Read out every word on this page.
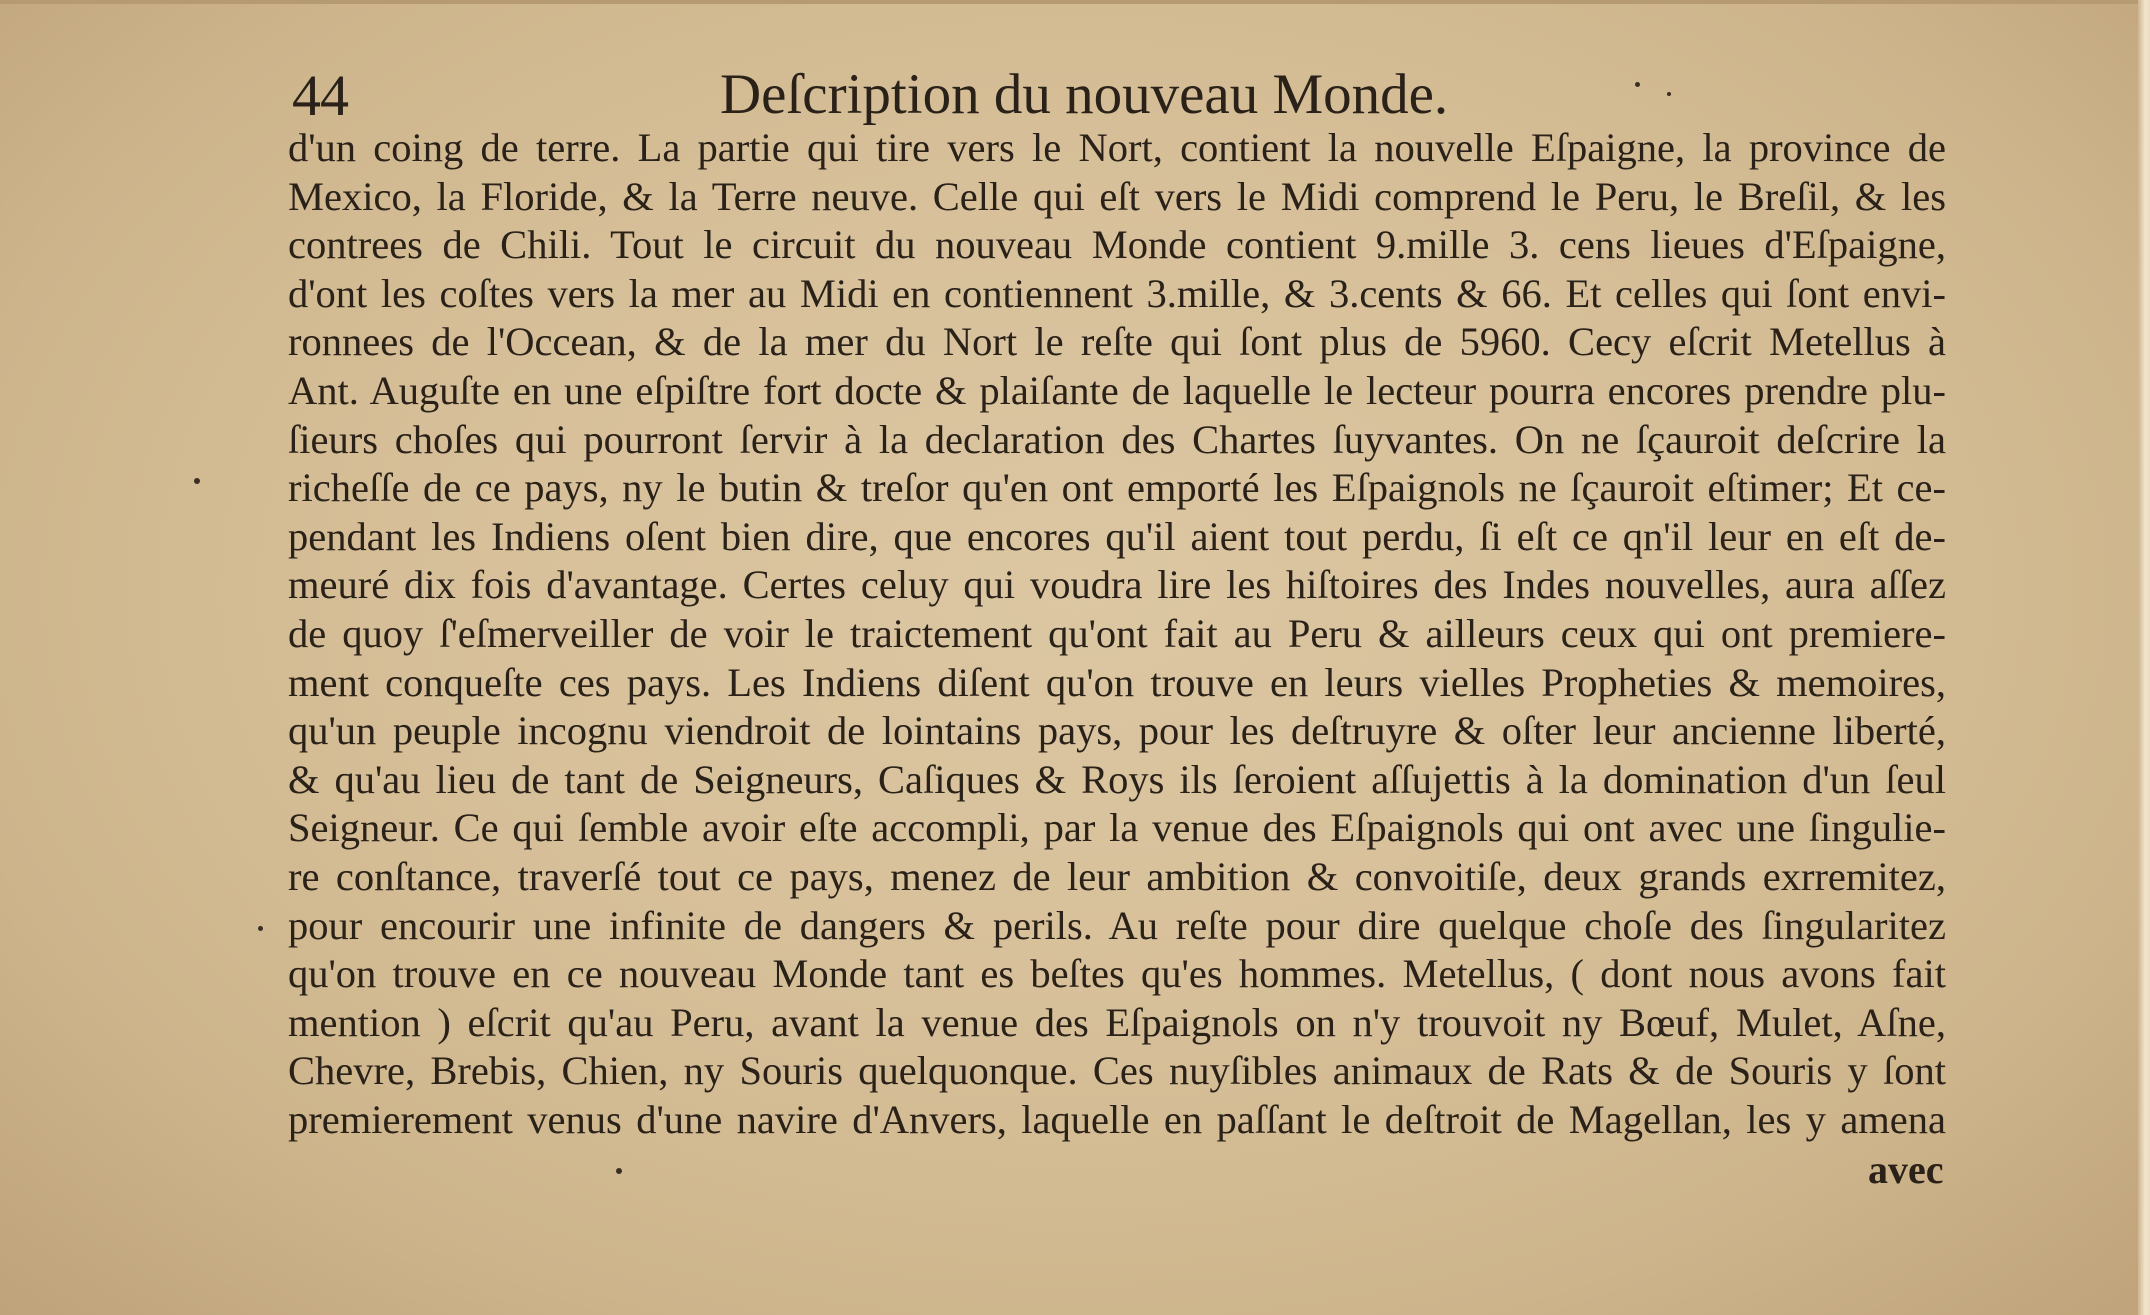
44	Deſcription du nouveau Monde.
d'un coing de terre. La partie qui tire vers le Nort, contient la nouvelle Eſpaigne, la province de
Mexico, la Floride, & la Terre neuve. Celle qui eſt vers le Midi comprend le Peru, le Breſil, & les
contrees de Chili. Tout le circuit du nouveau Monde contient 9.mille 3. cens lieues d'Eſpaigne,
d'ont les coſtes vers la mer au Midi en contiennent 3.mille, & 3.cents & 66. Et celles qui ſont envi-
ronnees de l'Occean, & de la mer du Nort le reſte qui ſont plus de 5960. Cecy eſcrit Metellus à
Ant. Auguſte en une eſpiſtre fort docte & plaiſante de laquelle le lecteur pourra encores prendre plu-
ſieurs choſes qui pourront ſervir à la declaration des Chartes ſuyvantes. On ne ſçauroit deſcrire la
richeſſe de ce pays, ny le butin & treſor qu'en ont emporté les Eſpaignols ne ſçauroit eſtimer; Et ce-
pendant les Indiens oſent bien dire, que encores qu'il aient tout perdu, ſi eſt ce qn'il leur en eſt de-
meuré dix fois d'avantage. Certes celuy qui voudra lire les hiſtoires des Indes nouvelles, aura aſſez
de quoy ſ'eſmerveiller de voir le traictement qu'ont fait au Peru & ailleurs ceux qui ont premiere-
ment conqueſte ces pays. Les Indiens diſent qu'on trouve en leurs vielles Propheties & memoires,
qu'un peuple incognu viendroit de lointains pays, pour les deſtruyre & oſter leur ancienne liberté,
& qu'au lieu de tant de Seigneurs, Caſiques & Roys ils ſeroient aſſujettis à la domination d'un ſeul
Seigneur. Ce qui ſemble avoir eſte accompli, par la venue des Eſpaignols qui ont avec une ſingulie-
re conſtance, traverſé tout ce pays, menez de leur ambition & convoitiſe, deux grands exrremitez,
pour encourir une infinite de dangers & perils. Au reſte pour dire quelque choſe des ſingularitez
qu'on trouve en ce nouveau Monde tant es beſtes qu'es hommes. Metellus, ( dont nous avons fait
mention ) eſcrit qu'au Peru, avant la venue des Eſpaignols on n'y trouvoit ny Bœuf, Mulet, Aſne,
Chevre, Brebis, Chien, ny Souris quelquonque. Ces nuyſibles animaux de Rats & de Souris y ſont
premierement venus d'une navire d'Anvers, laquelle en paſſant le deſtroit de Magellan, les y amena
avec
